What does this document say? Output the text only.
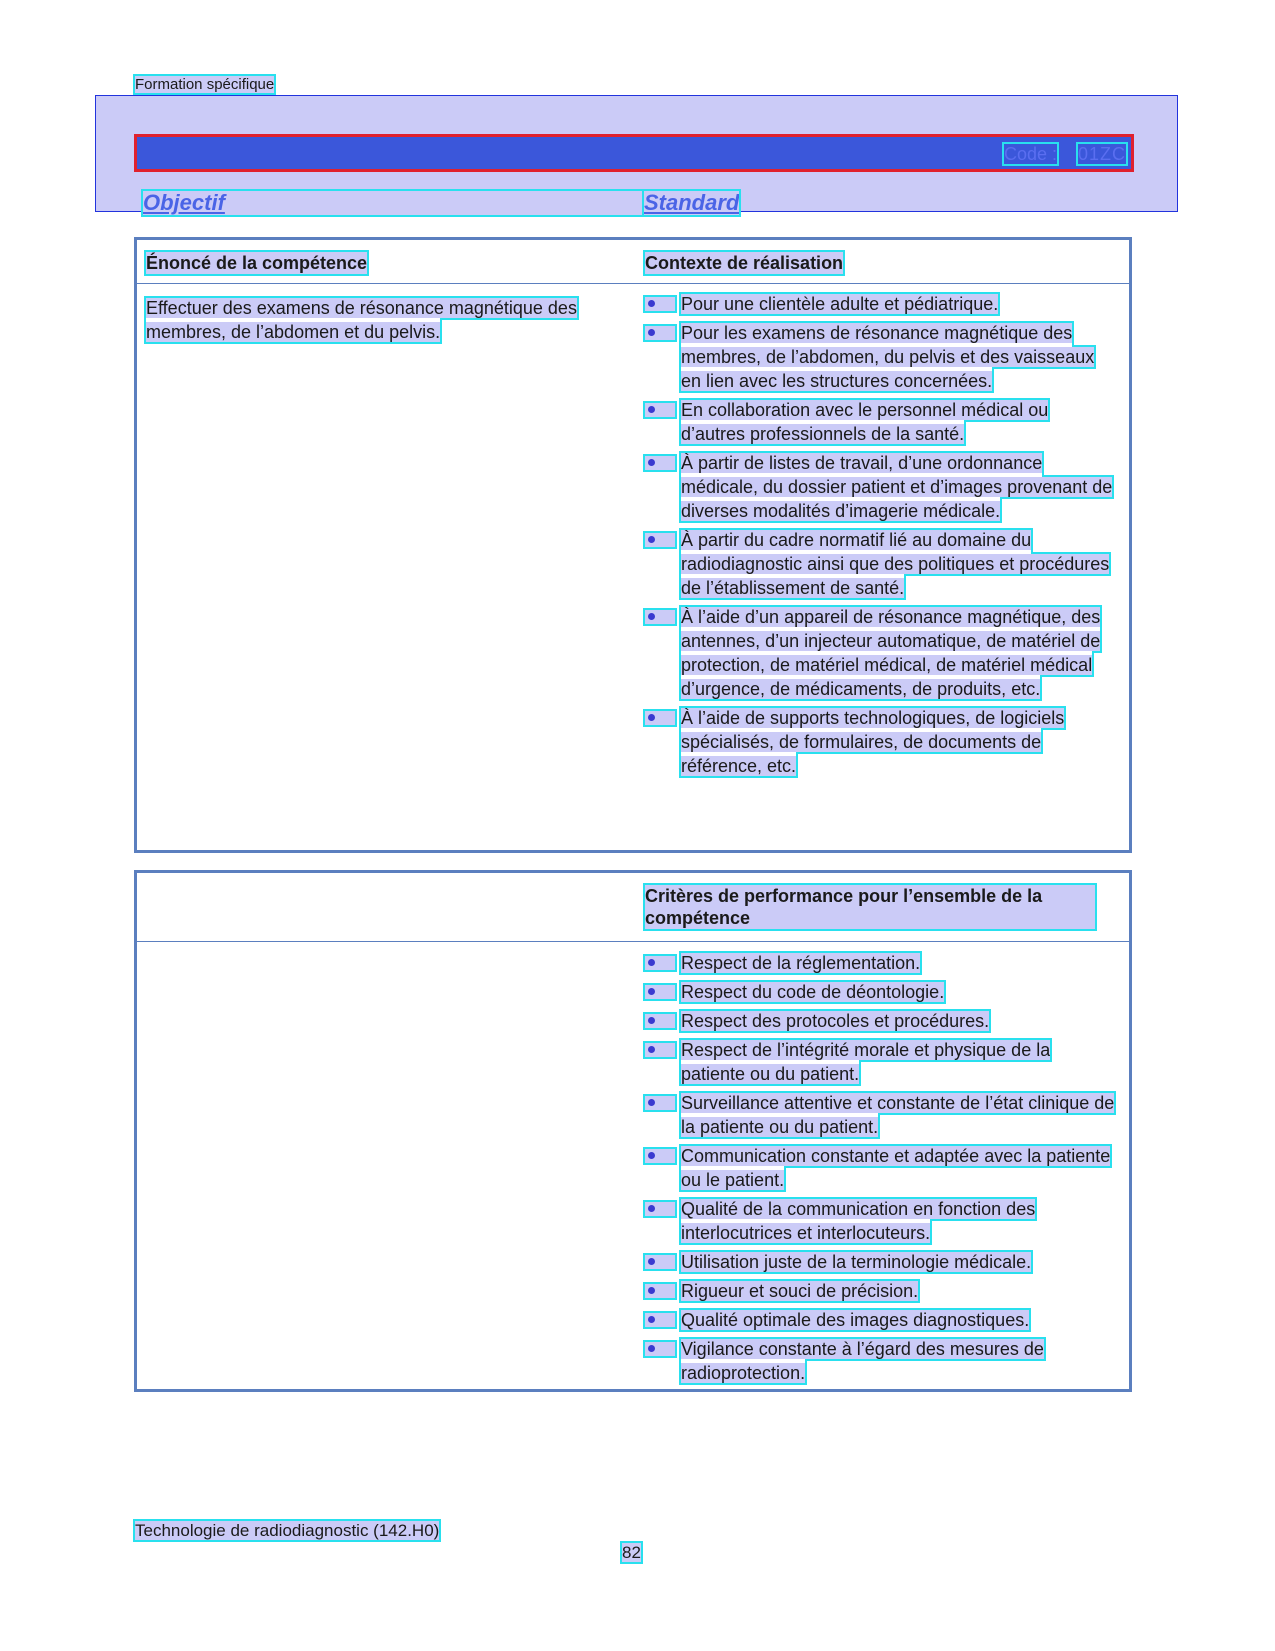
Formation spécifique
Code : 01ZC
Objectif	Standard
Énoncé de la compétence	Contexte de réalisation
Effectuer des examens de résonance magnétique des membres, de l’abdomen et du pelvis.
Pour une clientèle adulte et pédiatrique.
Pour les examens de résonance magnétique des membres, de l’abdomen, du pelvis et des vaisseaux en lien avec les structures concernées.
En collaboration avec le personnel médical ou d’autres professionnels de la santé.
À partir de listes de travail, d’une ordonnance médicale, du dossier patient et d’images provenant de diverses modalités d’imagerie médicale.
À partir du cadre normatif lié au domaine du radiodiagnostic ainsi que des politiques et procédures de l’établissement de santé.
À l’aide d’un appareil de résonance magnétique, des antennes, d’un injecteur automatique, de matériel de protection, de matériel médical, de matériel médical d’urgence, de médicaments, de produits, etc.
À l’aide de supports technologiques, de logiciels spécialisés, de formulaires, de documents de référence, etc.
Critères de performance pour l’ensemble de la compétence
Respect de la réglementation.
Respect du code de déontologie.
Respect des protocoles et procédures.
Respect de l’intégrité morale et physique de la patiente ou du patient.
Surveillance attentive et constante de l’état clinique de la patiente ou du patient.
Communication constante et adaptée avec la patiente ou le patient.
Qualité de la communication en fonction des interlocutrices et interlocuteurs.
Utilisation juste de la terminologie médicale.
Rigueur et souci de précision.
Qualité optimale des images diagnostiques.
Vigilance constante à l’égard des mesures de radioprotection.
Technologie de radiodiagnostic (142.H0)
82
